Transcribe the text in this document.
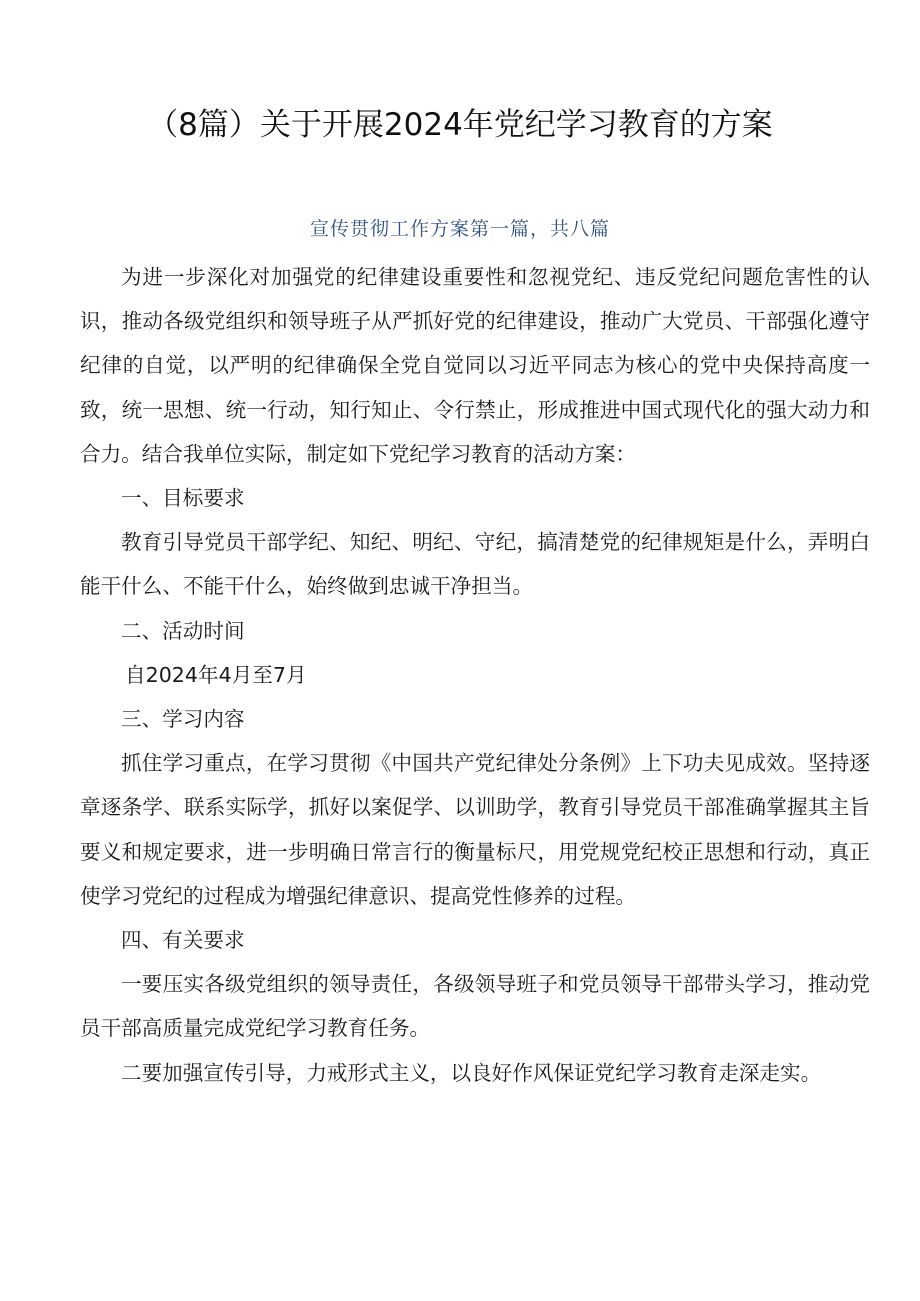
（8篇）关于开展2024年党纪学习教育的方案
宣传贯彻工作方案第一篇，共八篇

为进一步深化对加强党的纪律建设重要性和忽视党纪、违反党纪问题危害性的认识，推动各级党组织和领导班子从严抓好党的纪律建设，推动广大党员、干部强化遵守纪律的自觉，以严明的纪律确保全党自觉同以习近平同志为核心的党中央保持高度一致，统一思想、统一行动，知行知止、令行禁止，形成推进中国式现代化的强大动力和合力。结合我单位实际，制定如下党纪学习教育的活动方案：

一、目标要求

教育引导党员干部学纪、知纪、明纪、守纪，搞清楚党的纪律规矩是什么，弄明白能干什么、不能干什么，始终做到忠诚干净担当。

二、活动时间

自2024年4月至7月

三、学习内容

抓住学习重点，在学习贯彻《中国共产党纪律处分条例》上下功夫见成效。坚持逐章逐条学、联系实际学，抓好以案促学、以训助学，教育引导党员干部准确掌握其主旨要义和规定要求，进一步明确日常言行的衡量标尺，用党规党纪校正思想和行动，真正使学习党纪的过程成为增强纪律意识、提高党性修养的过程。

四、有关要求

一要压实各级党组织的领导责任，各级领导班子和党员领导干部带头学习，推动党员干部高质量完成党纪学习教育任务。

二要加强宣传引导，力戒形式主义，以良好作风保证党纪学习教育走深走实。
